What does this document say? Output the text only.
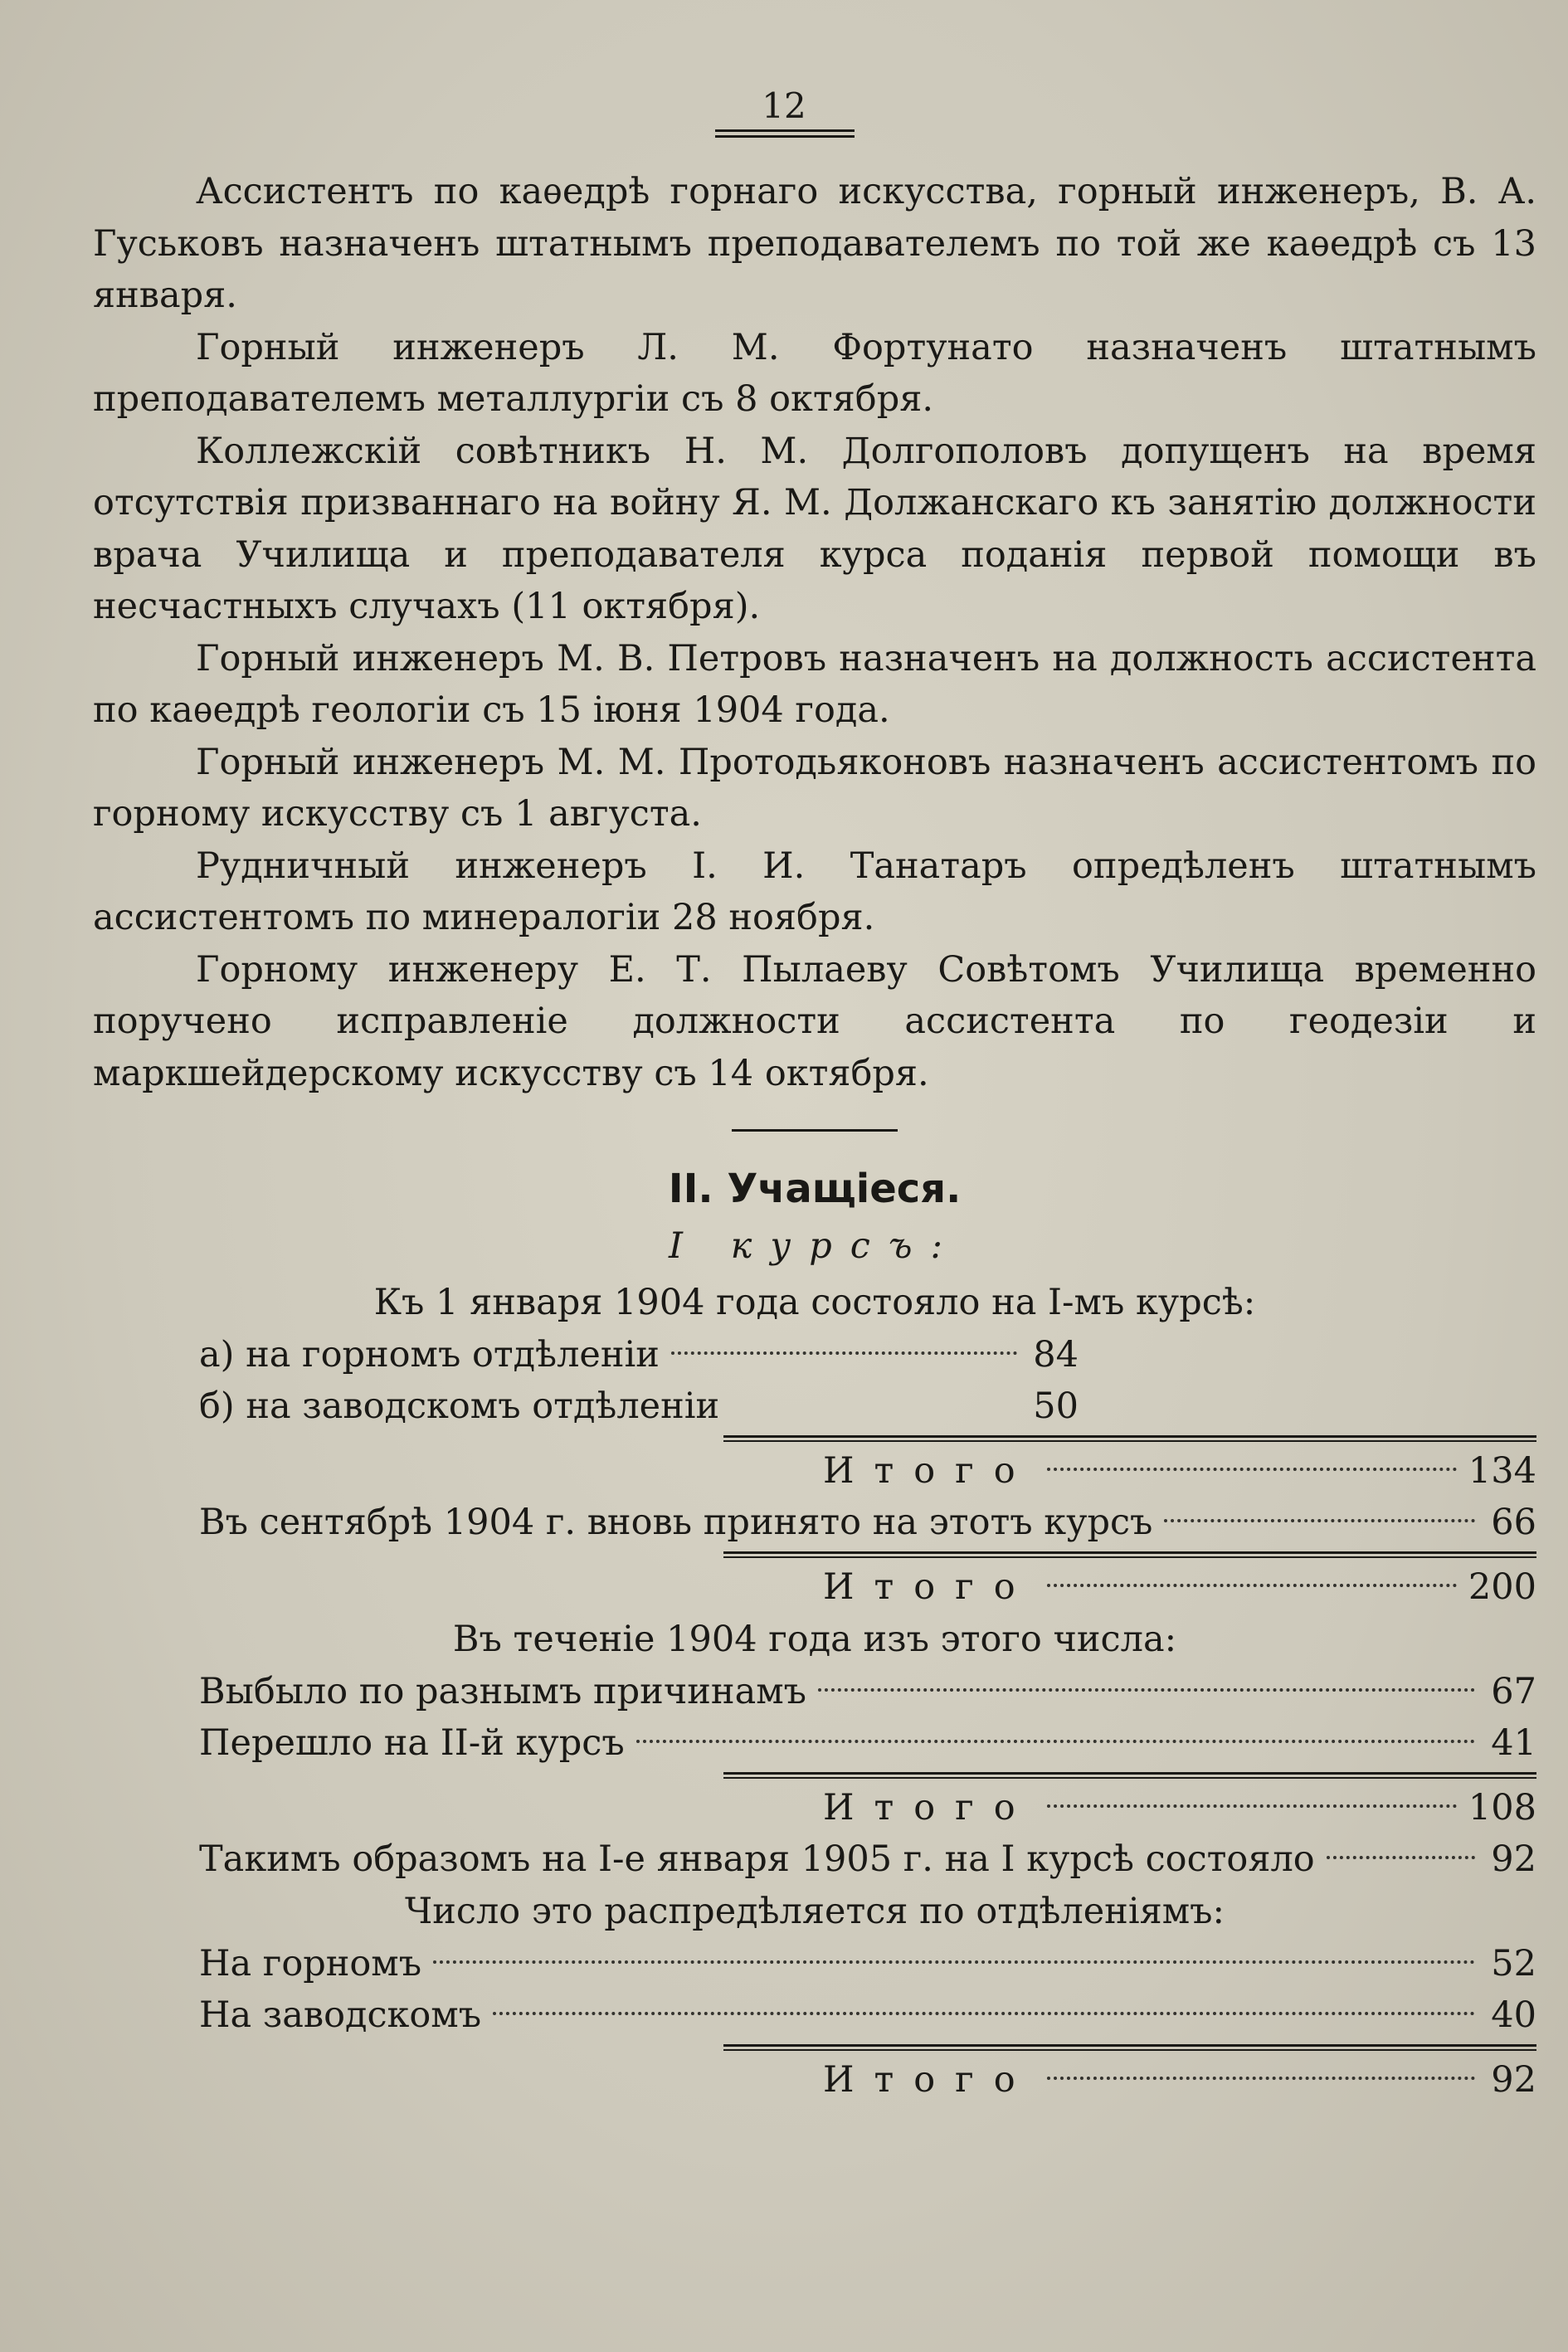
12

Ассистентъ по каѳедрѣ горнаго искусства, горный инженеръ, В. А. Гуськовъ назначенъ штатнымъ преподавателемъ по той же каѳедрѣ съ 13 января.

Горный инженеръ Л. М. Фортунато назначенъ штатнымъ преподавателемъ металлургіи съ 8 октября.

Коллежскій совѣтникъ Н. М. Долгополовъ допущенъ на время отсутствія призваннаго на войну Я. М. Должанскаго къ занятію должности врача Училища и преподавателя курса поданія первой помощи въ несчастныхъ случахъ (11 октября).

Горный инженеръ М. В. Петровъ назначенъ на должность ассистента по каѳедрѣ геологіи съ 15 іюня 1904 года.

Горный инженеръ М. М. Протодьяконовъ назначенъ ассистентомъ по горному искусству съ 1 августа.

Рудничный инженеръ І. И. Танатаръ опредѣленъ штатнымъ ассистентомъ по минералогіи 28 ноября.

Горному инженеру Е. Т. Пылаеву Совѣтомъ Училища временно поручено исправленіе должности ассистента по геодезіи и маркшейдерскому искусству съ 14 октября.

II. Учащіеся.
I курсъ:
Къ 1 января 1904 года состояло на І-мъ курсѣ:
а) на горномъ отдѣленіи	84
б) на заводскомъ отдѣленіи	50
Итого	134
Въ сентябрѣ 1904 г. вновь принято на этотъ курсъ	66
Итого	200
Въ теченіе 1904 года изъ этого числа:
Выбыло по разнымъ причинамъ	67
Перешло на ІІ-й курсъ	41
Итого	108
Такимъ образомъ на І-е января 1905 г. на І курсѣ состояло	92
Число это распредѣляется по отдѣленіямъ:
На горномъ	52
На заводскомъ	40
Итого	92
